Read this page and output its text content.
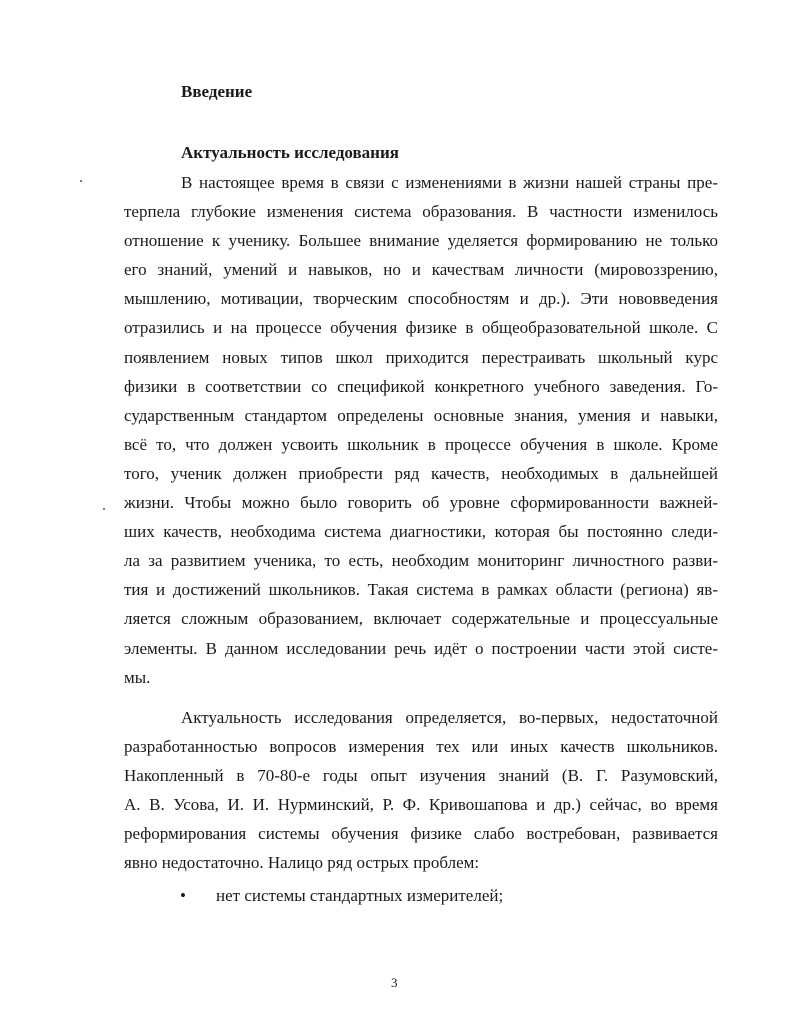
Введение
Актуальность исследования
В настоящее время в связи с изменениями в жизни нашей страны пре-
терпела глубокие изменения система образования. В частности изменилось
отношение к ученику. Большее внимание уделяется формированию не только
его знаний, умений и навыков, но и качествам личности (мировоззрению,
мышлению, мотивации, творческим способностям и др.). Эти нововведения
отразились и на процессе обучения физике в общеобразовательной школе. С
появлением новых типов школ приходится перестраивать школьный курс
физики в соответствии со спецификой конкретного учебного заведения. Го-
сударственным стандартом определены основные знания, умения и навыки,
всё то, что должен усвоить школьник в процессе обучения в школе. Кроме
того, ученик должен приобрести ряд качеств, необходимых в дальнейшей
жизни. Чтобы можно было говорить об уровне сформированности важней-
ших качеств, необходима система диагностики, которая бы постоянно следи-
ла за развитием ученика, то есть, необходим мониторинг личностного разви-
тия и достижений школьников. Такая система в рамках области (региона) яв-
ляется сложным образованием, включает содержательные и процессуальные
элементы. В данном исследовании речь идёт о построении части этой систе-
мы.
Актуальность исследования определяется, во-первых, недостаточной
разработанностью вопросов измерения тех или иных качеств школьников.
Накопленный в 70-80-е годы опыт изучения знаний (В. Г. Разумовский,
А. В. Усова, И. И. Нурминский, Р. Ф. Кривошапова и др.) сейчас, во время
реформирования системы обучения физике слабо востребован, развивается
явно недостаточно. Налицо ряд острых проблем:
• нет системы стандартных измерителей;
3
